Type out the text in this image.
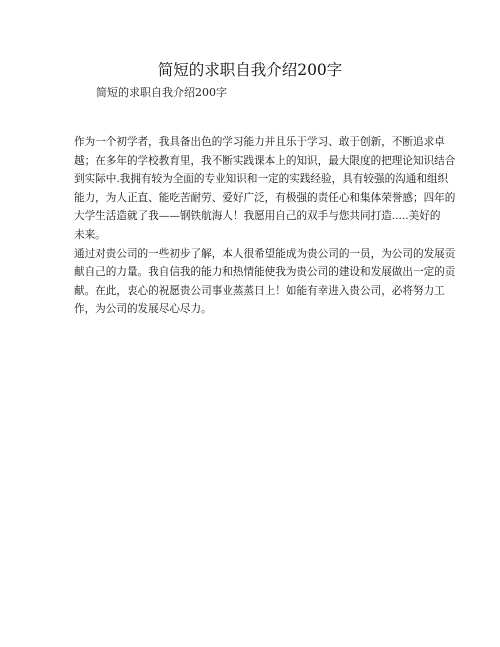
简短的求职自我介绍200字
简短的求职自我介绍200字
作为一个初学者，我具备出色的学习能力并且乐于学习、敢于创新，不断追求卓
越；在多年的学校教育里，我不断实践课本上的知识，最大限度的把理论知识结合
到实际中.我拥有较为全面的专业知识和一定的实践经验，具有较强的沟通和组织
能力，为人正直、能吃苦耐劳、爱好广泛，有极强的责任心和集体荣誉感；四年的
大学生活造就了我——钢铁航海人！我愿用自己的双手与您共同打造.....美好的
未来。
通过对贵公司的一些初步了解，本人很希望能成为贵公司的一员，为公司的发展贡
献自己的力量。我自信我的能力和热情能使我为贵公司的建设和发展做出一定的贡
献。在此，衷心的祝愿贵公司事业蒸蒸日上！如能有幸进入贵公司，必将努力工
作，为公司的发展尽心尽力。
